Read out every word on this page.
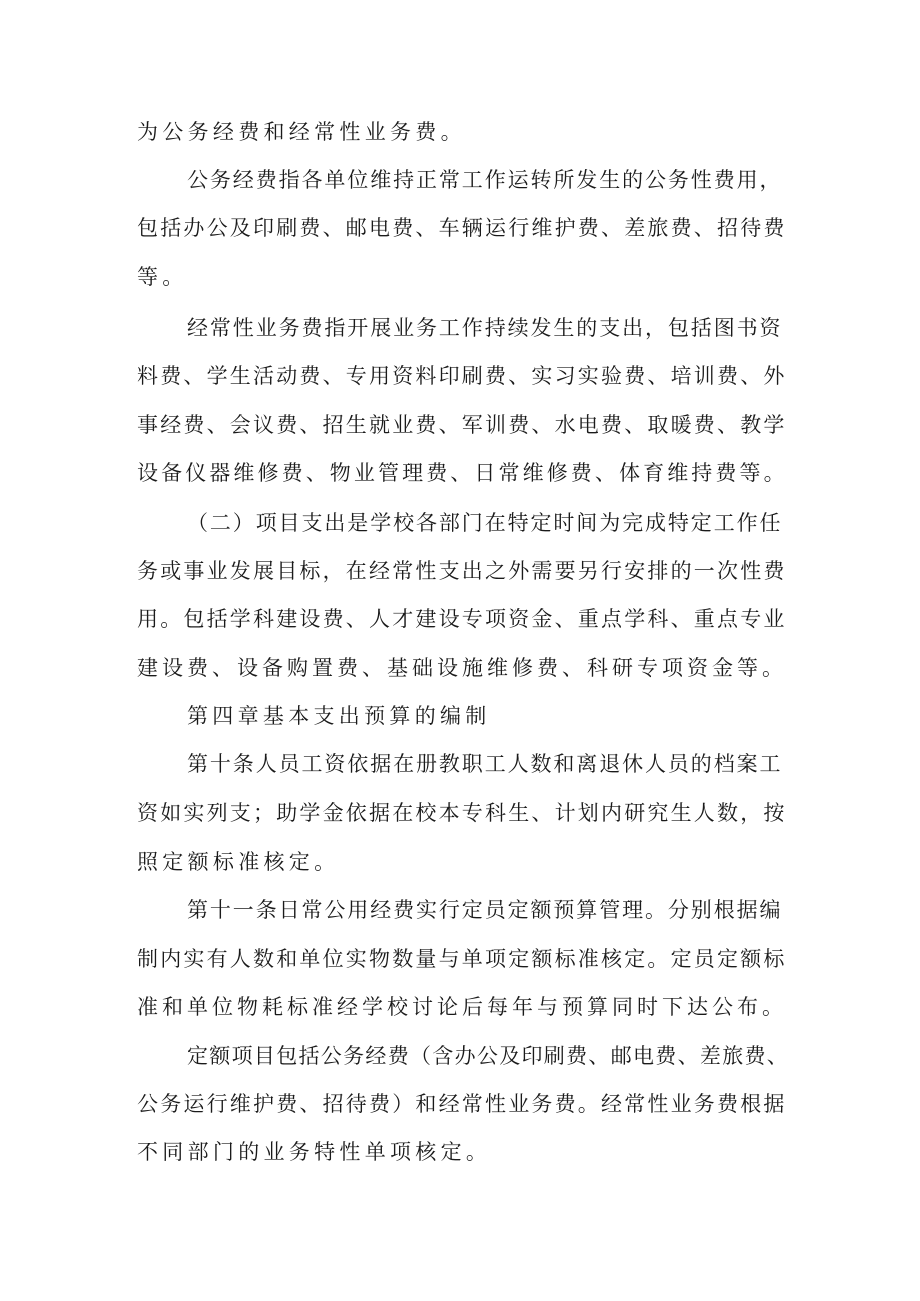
为公务经费和经常性业务费。

公务经费指各单位维持正常工作运转所发生的公务性费用，

包括办公及印刷费、邮电费、车辆运行维护费、差旅费、招待费

等。

经常性业务费指开展业务工作持续发生的支出，包括图书资

料费、学生活动费、专用资料印刷费、实习实验费、培训费、外

事经费、会议费、招生就业费、军训费、水电费、取暖费、教学

设备仪器维修费、物业管理费、日常维修费、体育维持费等。

（二）项目支出是学校各部门在特定时间为完成特定工作任

务或事业发展目标，在经常性支出之外需要另行安排的一次性费

用。包括学科建设费、人才建设专项资金、重点学科、重点专业

建设费、设备购置费、基础设施维修费、科研专项资金等。

第四章基本支出预算的编制

第十条人员工资依据在册教职工人数和离退休人员的档案工

资如实列支；助学金依据在校本专科生、计划内研究生人数，按

照定额标准核定。

第十一条日常公用经费实行定员定额预算管理。分别根据编

制内实有人数和单位实物数量与单项定额标准核定。定员定额标

准和单位物耗标准经学校讨论后每年与预算同时下达公布。

定额项目包括公务经费（含办公及印刷费、邮电费、差旅费、

公务运行维护费、招待费）和经常性业务费。经常性业务费根据

不同部门的业务特性单项核定。
